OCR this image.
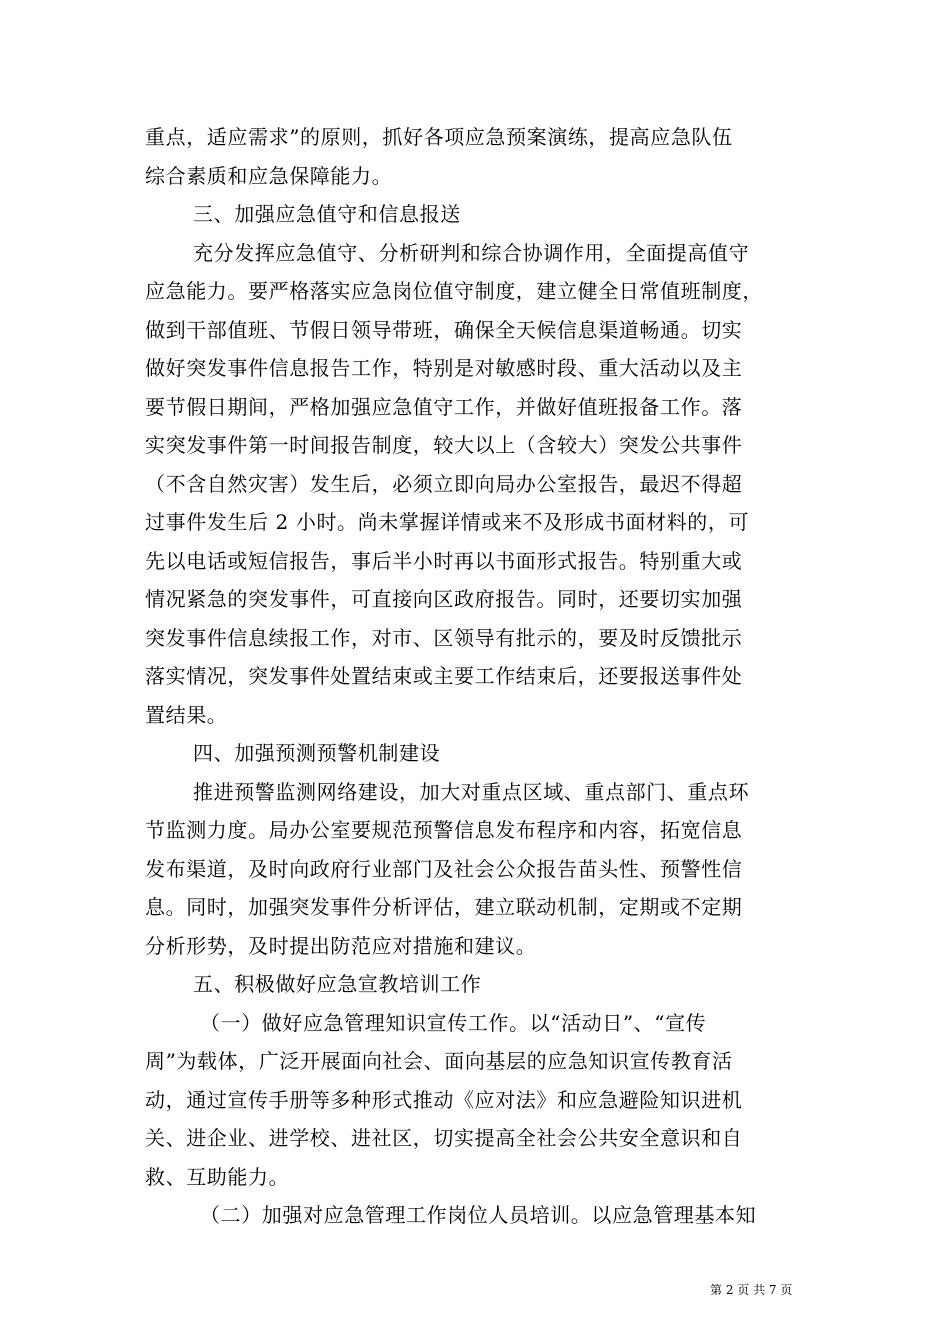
重点，适应需求”的原则，抓好各项应急预案演练，提高应急队伍
综合素质和应急保障能力。
三、加强应急值守和信息报送
充分发挥应急值守、分析研判和综合协调作用，全面提高值守
应急能力。要严格落实应急岗位值守制度，建立健全日常值班制度，
做到干部值班、节假日领导带班，确保全天候信息渠道畅通。切实
做好突发事件信息报告工作，特别是对敏感时段、重大活动以及主
要节假日期间，严格加强应急值守工作，并做好值班报备工作。落
实突发事件第一时间报告制度，较大以上（含较大）突发公共事件
（不含自然灾害）发生后，必须立即向局办公室报告，最迟不得超
过事件发生后 2 小时。尚未掌握详情或来不及形成书面材料的，可
先以电话或短信报告，事后半小时再以书面形式报告。特别重大或
情况紧急的突发事件，可直接向区政府报告。同时，还要切实加强
突发事件信息续报工作，对市、区领导有批示的，要及时反馈批示
落实情况，突发事件处置结束或主要工作结束后，还要报送事件处
置结果。
四、加强预测预警机制建设
推进预警监测网络建设，加大对重点区域、重点部门、重点环
节监测力度。局办公室要规范预警信息发布程序和内容，拓宽信息
发布渠道，及时向政府行业部门及社会公众报告苗头性、预警性信
息。同时，加强突发事件分析评估，建立联动机制，定期或不定期
分析形势，及时提出防范应对措施和建议。
五、积极做好应急宣教培训工作
（一）做好应急管理知识宣传工作。以“活动日”、“宣传
周”为载体，广泛开展面向社会、面向基层的应急知识宣传教育活
动，通过宣传手册等多种形式推动《应对法》和应急避险知识进机
关、进企业、进学校、进社区，切实提高全社会公共安全意识和自
救、互助能力。
（二）加强对应急管理工作岗位人员培训。以应急管理基本知
第 2 页 共 7 页
